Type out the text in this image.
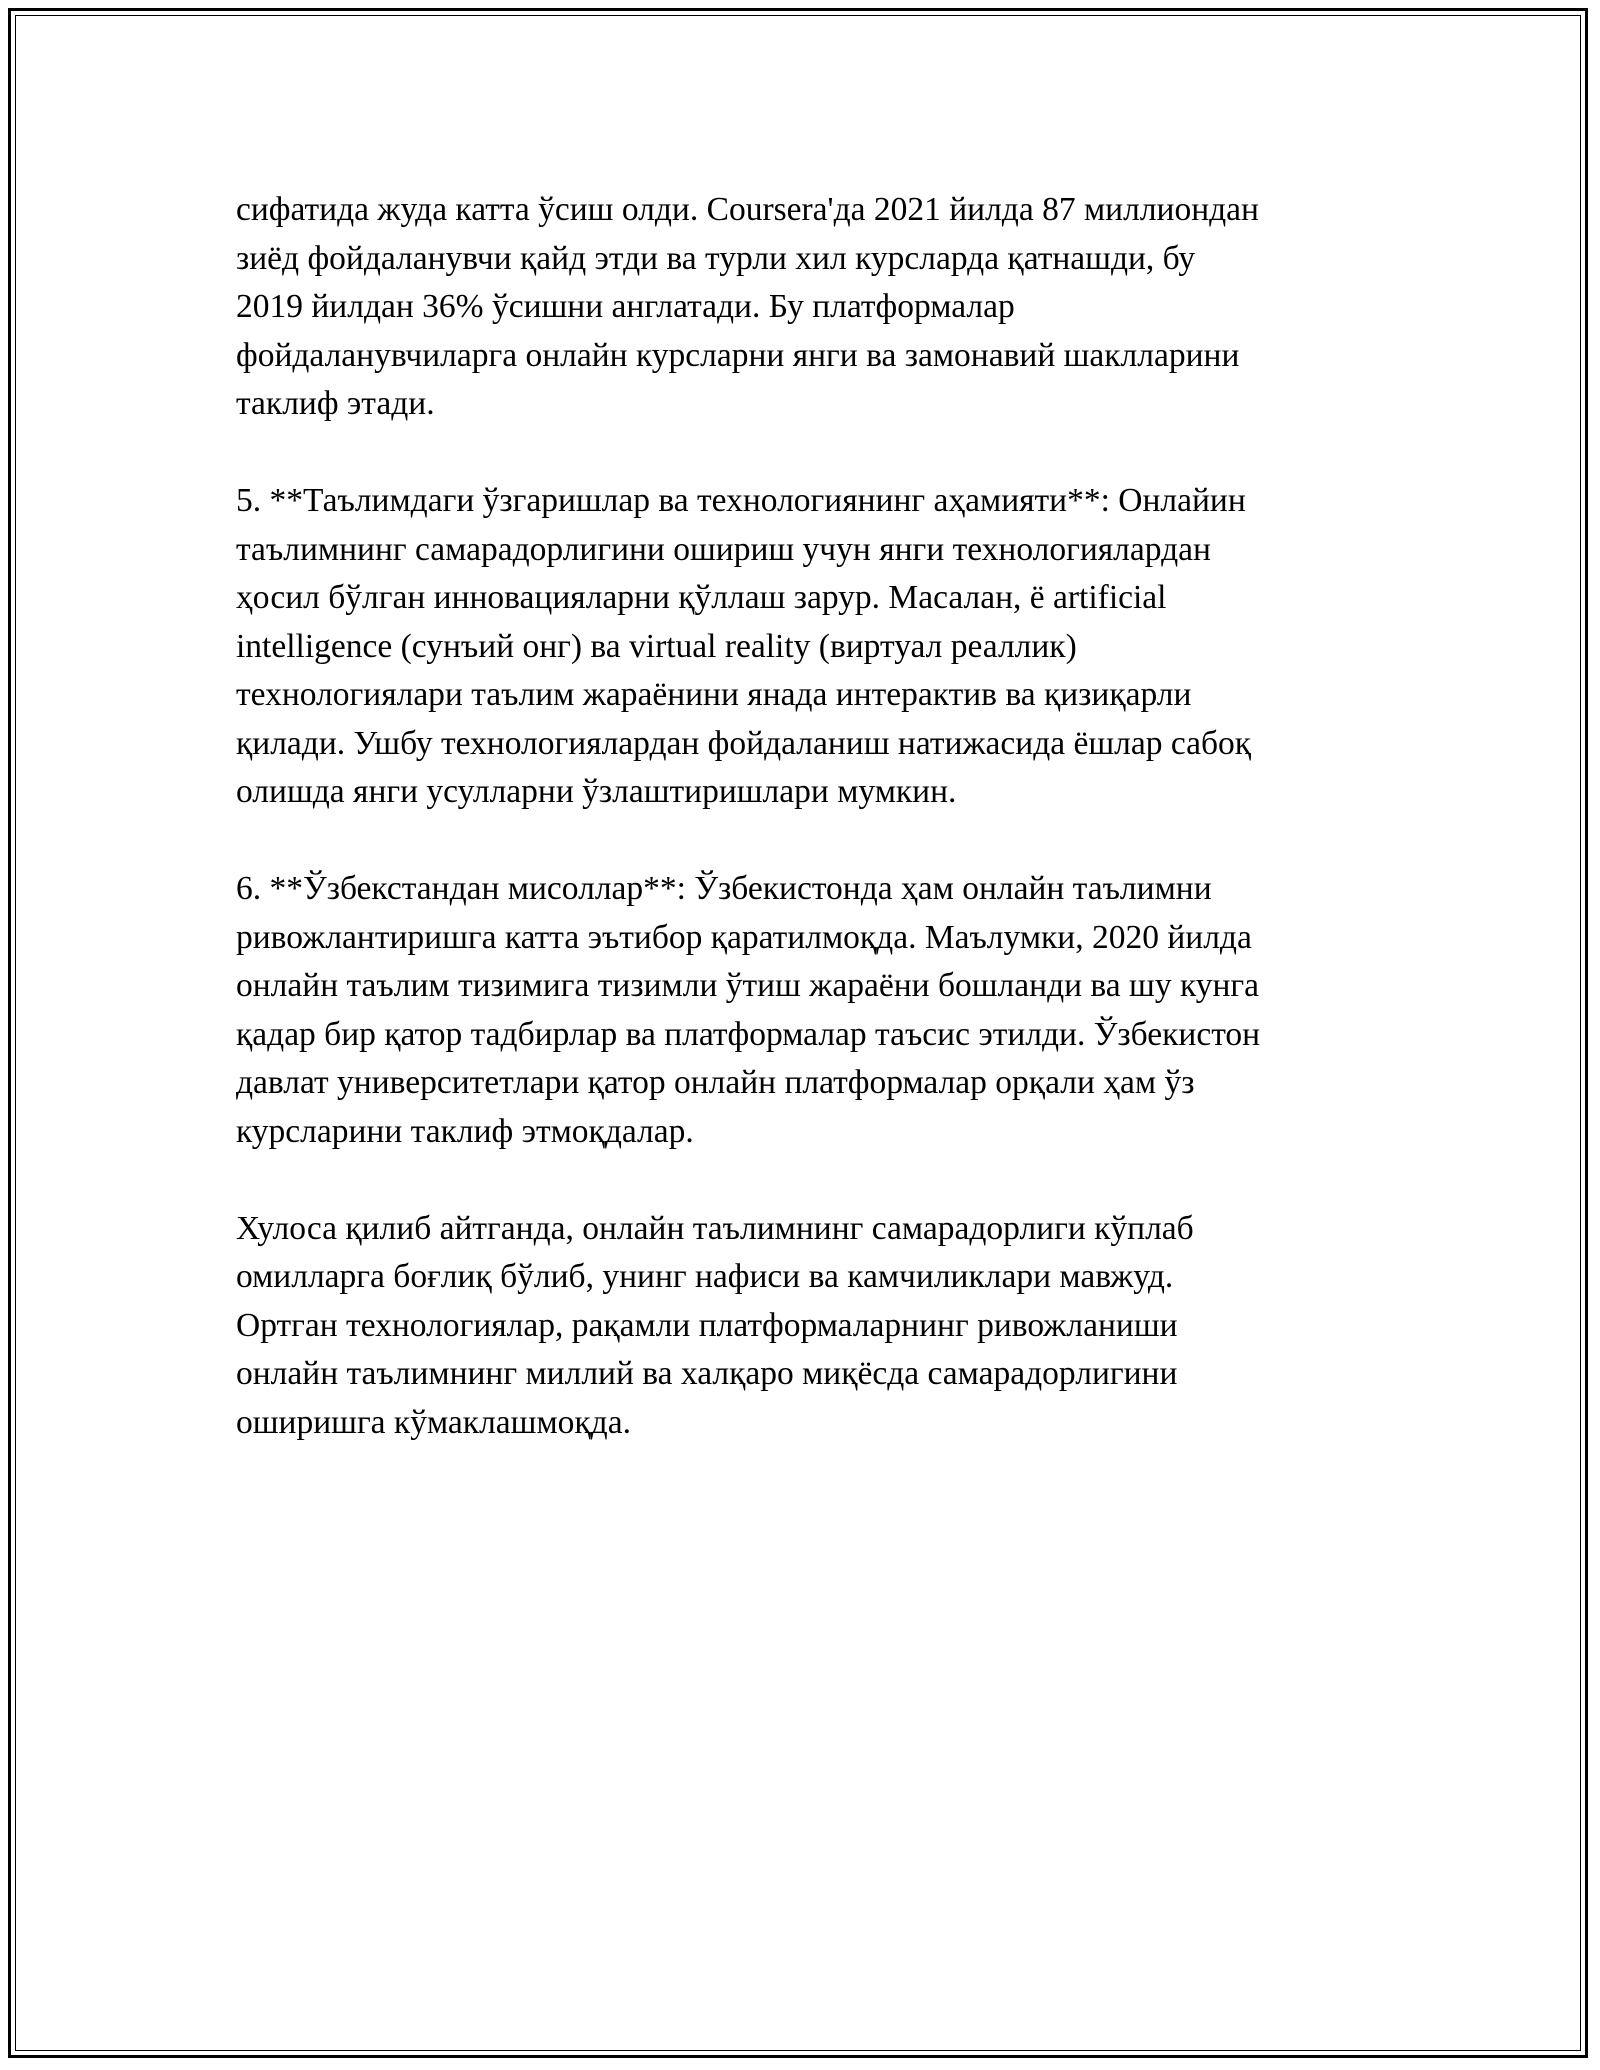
сифатида жуда катта ўсиш олди. Coursera'да 2021 йилда 87 миллиондан
зиёд фойдаланувчи қайд этди ва турли хил курсларда қатнашди, бу
2019 йилдан 36% ўсишни англатади. Бу платформалар
фойдаланувчиларга онлайн курсларни янги ва замонавий шаклларини
таклиф этади.

5. **Таълимдаги ўзгаришлар ва технологиянинг аҳамияти**: Онлайин
таълимнинг самарадорлигини ошириш учун янги технологиялардан
ҳосил бўлган инновацияларни қўллаш зарур. Масалан, ё artificial
intelligence (сунъий онг) ва virtual reality (виртуал реаллик)
технологиялари таълим жараёнини янада интерактив ва қизиқарли
қилади. Ушбу технологиялардан фойдаланиш натижасида ёшлар сабоқ
олишда янги усулларни ўзлаштиришлари мумкин.

6. **Ўзбекстандан мисоллар**: Ўзбекистонда ҳам онлайн таълимни
ривожлантиришга катта эътибор қаратилмоқда. Маълумки, 2020 йилда
онлайн таълим тизимига тизимли ўтиш жараёни бошланди ва шу кунга
қадар бир қатор тадбирлар ва платформалар таъсис этилди. Ўзбекистон
давлат университетлари қатор онлайн платформалар орқали ҳам ўз
курсларини таклиф этмоқдалар.

Хулоса қилиб айтганда, онлайн таълимнинг самарадорлиги кўплаб
омилларга боғлиқ бўлиб, унинг нафиси ва камчиликлари мавжуд.
Ортган технологиялар, рақамли платформаларнинг ривожланиши
онлайн таълимнинг миллий ва халқаро миқёсда самарадорлигини
оширишга кўмаклашмоқда.
